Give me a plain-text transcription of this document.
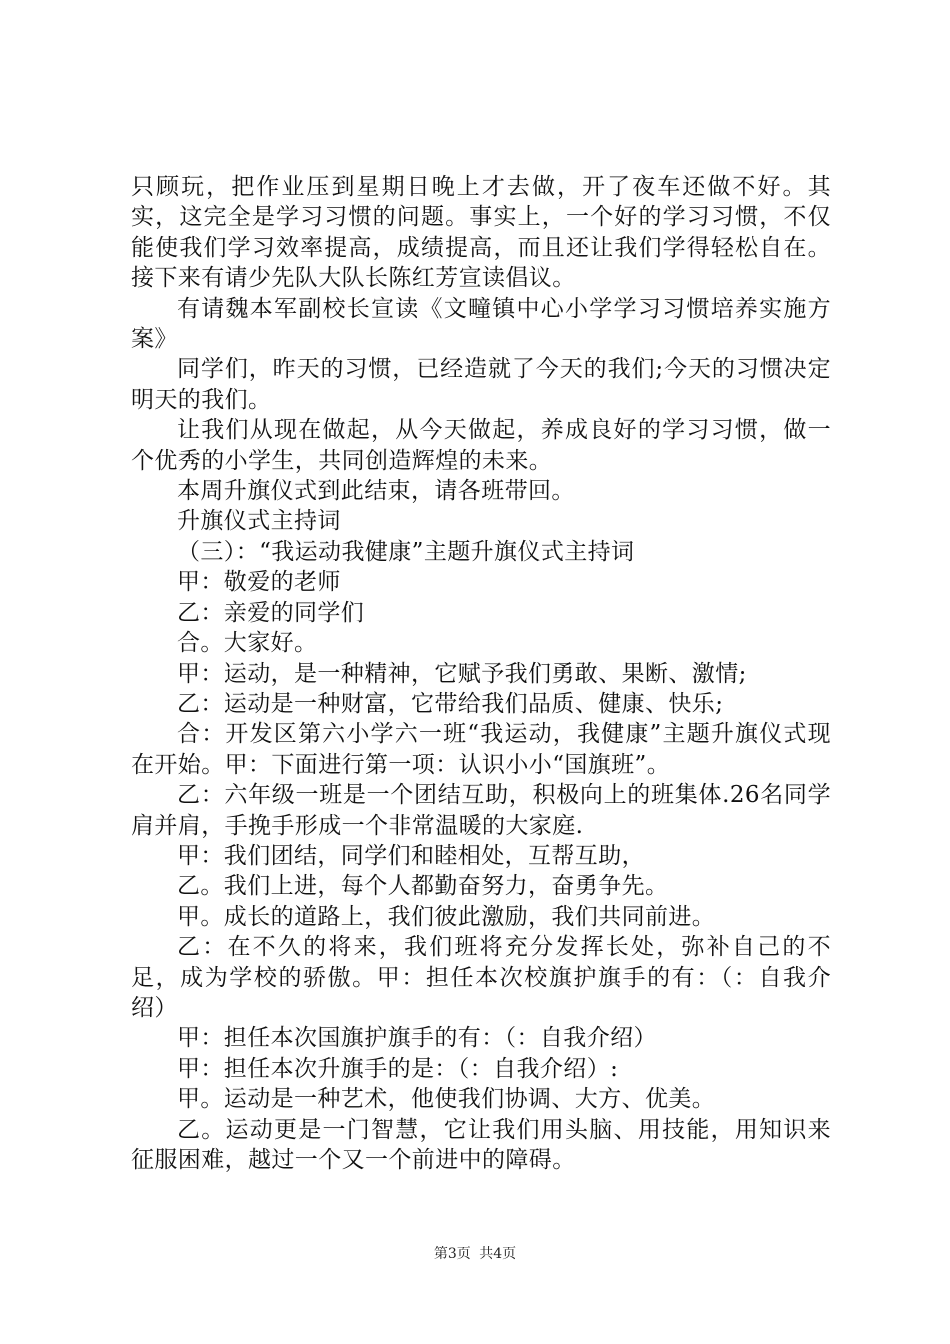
只顾玩，把作业压到星期日晚上才去做，开了夜车还做不好。其实，这完全是学习习惯的问题。事实上，一个好的学习习惯，不仅能使我们学习效率提高，成绩提高，而且还让我们学得轻松自在。接下来有请少先队大队长陈红芳宣读倡议。

有请魏本军副校长宣读《文疃镇中心小学学习习惯培养实施方案》

同学们，昨天的习惯，已经造就了今天的我们;今天的习惯决定明天的我们。

让我们从现在做起，从今天做起，养成良好的学习习惯，做一个优秀的小学生，共同创造辉煌的未来。

本周升旗仪式到此结束，请各班带回。

升旗仪式主持词

（三）：“我运动我健康”主题升旗仪式主持词

甲：敬爱的老师

乙：亲爱的同学们

合。大家好。

甲：运动，是一种精神，它赋予我们勇敢、果断、激情;

乙：运动是一种财富，它带给我们品质、健康、快乐;

合：开发区第六小学六一班“我运动，我健康”主题升旗仪式现在开始。甲：下面进行第一项：认识小小“国旗班”。

乙：六年级一班是一个团结互助，积极向上的班集体.26名同学肩并肩，手挽手形成一个非常温暖的大家庭.

甲：我们团结，同学们和睦相处，互帮互助，

乙。我们上进，每个人都勤奋努力，奋勇争先。

甲。成长的道路上，我们彼此激励，我们共同前进。

乙：在不久的将来，我们班将充分发挥长处，弥补自己的不足，成为学校的骄傲。甲：担任本次校旗护旗手的有：（：自我介绍）

甲：担任本次国旗护旗手的有：（：自我介绍）

甲：担任本次升旗手的是：（：自我介绍）:

甲。运动是一种艺术，他使我们协调、大方、优美。

乙。运动更是一门智慧，它让我们用头脑、用技能，用知识来征服困难，越过一个又一个前进中的障碍。

第3页 共4页
